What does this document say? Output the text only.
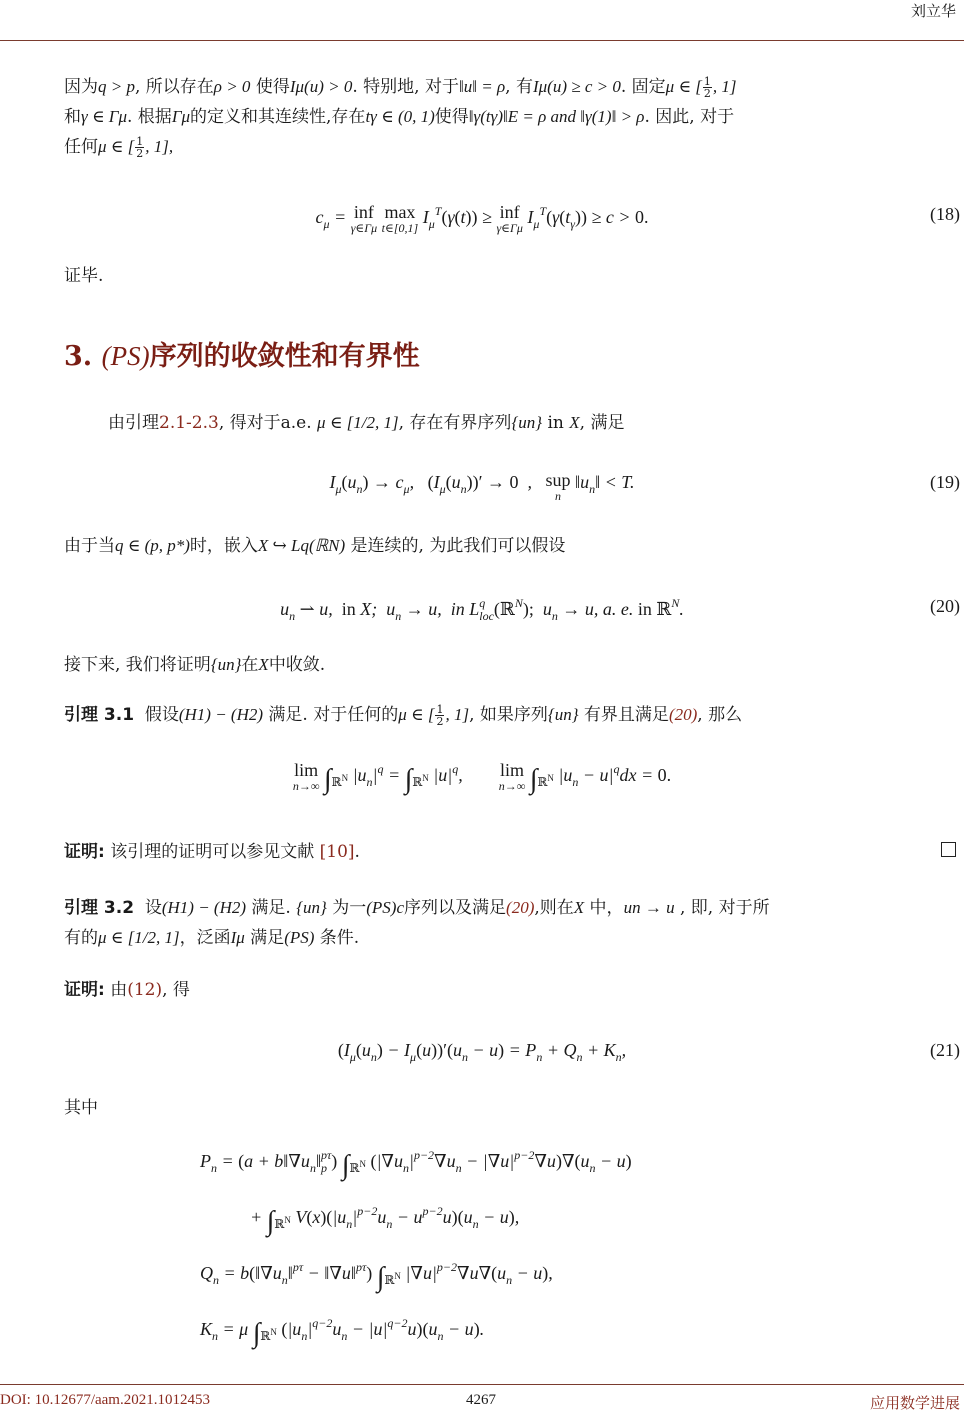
刘立华
因为q > p, 所以存在ρ > 0 使得Iμ(u) > 0. 特别地, 对于‖u‖ = ρ, 有Iμ(u) ≥ c > 0. 固定μ ∈ [ $\frac{1}{2}$ , 1]
和γ ∈ Γμ. 根据Γμ的定义和其连续性,存在tγ ∈ (0, 1)使得‖γ(tγ)‖E = ρ and ‖γ(1)‖ > ρ. 因此, 对于
任何μ ∈ [ $\frac{1}{2}$ , 1],
$c_\mu$ = inf
γ∈Γμ
max
t∈[0,1]
$I_\mu^T(\gamma(t))$ ≥ inf
γ∈Γμ
$I_\mu^T(\gamma(t_\gamma)) \ge c > 0$.	(18)
证毕.
3. (PS)序列的收敛性和有界性
由引理2.1-2.3, 得对于a.e. μ ∈ [1/2, 1], 存在有界序列{un} in X, 满足
$I_\mu(u_n) \to c_\mu$,   $(I_\mu(u_n))' \to 0$  ,   sup
n
$‖u_n‖ < T$.	(19)
由于当q ∈ (p, p*)时，嵌入X ↪ Lq(ℝN) 是连续的, 为此我们可以假设
$u_n$ ⇀ u,  in X;  $u_n \to u$,  in $L^q_{loc}(ℝ^N)$;  $u_n \to u$, a. e. in ℝ$^N$.	(20)
接下来, 我们将证明{un}在X中收敛.
引理 3.1 假设(H1) − (H2) 满足. 对于任何的μ ∈ [ $\frac{1}{2}$ , 1], 如果序列{un} 有界且满足(20), 那么
lim
n→∞ $\int_{ℝ^N}$ $|u_n|^q = \int_{ℝ^N}$ $|u|^q$,        lim
n→∞ $\int_{ℝ^N}$ $|u_n - u|^qdx = 0$.
证明: 该引理的证明可以参见文献 [10].
引理 3.2 设(H1) − (H2) 满足. {un} 为一(PS)c序列以及满足(20),则在X 中，un → u , 即, 对于所
有的μ ∈ [1/2, 1]，泛函Iμ 满足(PS) 条件.
证明: 由(12), 得
$(I_\mu(u_n) - I_\mu(u))'(u_n - u) = P_n + Q_n + K_n$,	(21)
其中
$P_n = (a$ + $b‖\nabla u_n‖_p^{p\tau}$) $\int_{ℝ^N}$ $(|\nabla u_n|^{p-2}\nabla u_n - |\nabla u|^{p-2}\nabla u)\nabla(u_n - u)$
+ $\int_{ℝ^N}$ $V(x)(|u_n|^{p-2}u_n - u^{p-2}u)(u_n - u)$,
$Q_n$ = $b(‖\nabla u_n‖^{p\tau}$ − ‖∇u‖$^{p\tau}$) $\int_{ℝ^N}$ $|\nabla u|^{p-2}\nabla u\nabla(u_n - u)$,
$K_n = \mu$ $\int_{ℝ^N}$ $(|u_n|^{q-2}u_n - |u|^{q-2}u)(u_n - u)$.
DOI: 10.12677/aam.2021.1012453	4267	应用数学进展
